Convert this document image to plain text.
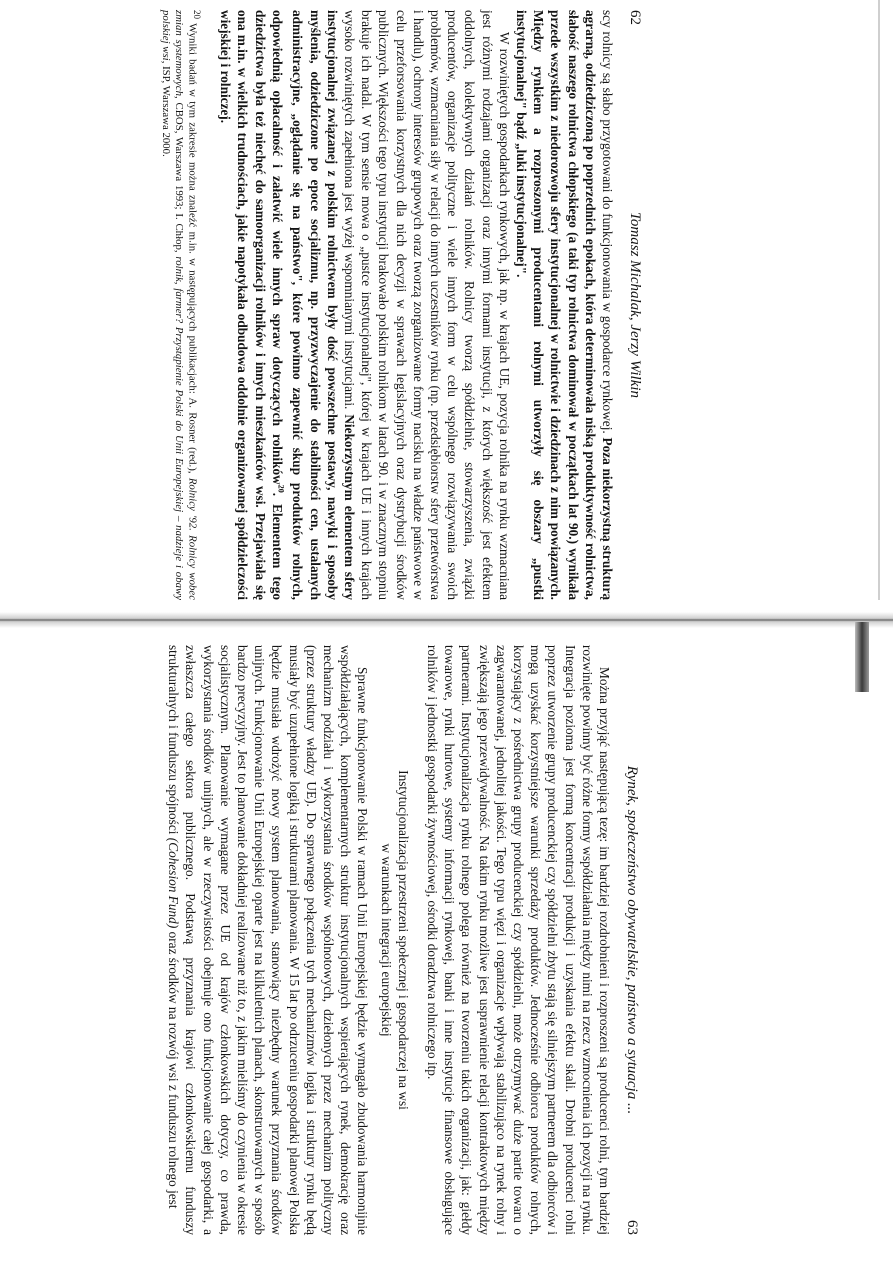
62
Tomasz Michalak, Jerzy Wilkin

scy rolnicy są słabo przygotowani do funkcjonowania w gospodarce rynkowej. Poza niekorzystną strukturą agrarną, odziedziczoną po poprzednich epokach, która determinowała niską produktywność rolnictwa, słabość naszego rolnictwa chłopskiego (a taki typ rolnictwa dominował w początkach lat 90.) wynikała przede wszystkim z niedorozwoju sfery instytucjonalnej w rolnictwie i dziedzinach z nim powiązanych. Między rynkiem a rozproszonymi producentami rolnymi utworzyły się obszary „pustki instytucjonalnej" bądź „luki instytucjonalnej".

W rozwiniętych gospodarkach rynkowych, jak np. w krajach UE, pozycja rolnika na rynku wzmacniana jest różnymi rodzajami organizacji oraz innymi formami instytucji, z których większość jest efektem oddolnych, kolektywnych działań rolników. Rolnicy tworzą spółdzielnie, stowarzyszenia, związki producentów, organizacje polityczne i wiele innych form w celu wspólnego rozwiązywania swoich problemów, wzmacniania siły w relacji do innych uczestników rynku (np. przedsiębiorstw sfery przetwórstwa i handlu), ochrony interesów grupowych oraz tworzą zorganizowane formy nacisku na władze państwowe w celu przeforsowania korzystnych dla nich decyzji w sprawach legislacyjnych oraz dystrybucji środków publicznych. Większości tego typu instytucji brakowało polskim rolnikom w latach 90. i w znacznym stopniu brakuje ich nadal. W tym sensie mowa o „pustce instytucjonalnej", której w krajach UE i innych krajach wysoko rozwiniętych zapełniona jest wyżej wspomnianymi instytucjami. Niekorzystnym elementem sfery instytucjonalnej związanej z polskim rolnictwem były dość powszechne postawy, nawyki i sposoby myślenia, odziedziczone po epoce socjalizmu, np. przyzwyczajenie do stabilności cen, ustalanych administracyjne, „oglądanie się na państwo", które powinno zapewnić skup produktów rolnych, odpowiednią opłacalność i załatwić wiele innych spraw dotyczących rolników$^{20}$. Elementem tego dziedzictwa była też niechęć do samoorganizacji rolników i innych mieszkańców wsi. Przejawiała się ona m.in. w wielkich trudnościach, jakie napotykała odbudowa oddolnie organizowanej spółdzielczości wiejskiej i rolniczej.

$^{20}$ Wyniki badań w tym zakresie można znaleźć m.in. w następujących publikacjach: A. Rosner (red.), Rolnicy '92. Rolnicy wobec zmian systemowych, CBOS, Warszawa 1993; I. Chłop, rolnik, farmer? Przystąpienie Polski do Unii Europejskiej – nadzieje i obawy polskiej wsi, ISP, Warszawa 2000.
Rynek, społeczeństwo obywatelskie, państwo a sytuacja ...
63

Można przyjąć następującą tezę: im bardziej rozdrobnieni i rozproszeni są producenci rolni, tym bardziej rozwinięte powinny być różne formy współdziałania między nimi na rzecz wzmocnienia ich pozycji na rynku. Integracja pozioma jest formą koncentracji produkcji i uzyskania efektu skali. Drobni producenci rolni poprzez utworzenie grupy producenckiej czy spółdzielni zbytu stają się silniejszym partnerem dla odbiorców i mogą uzyskać korzystniejsze warunki sprzedaży produktów. Jednocześnie odbiorca produktów rolnych, korzystający z pośrednictwa grupy producenckiej czy spółdzielni, może otrzymywać duże partie towaru o zagwarantowanej, jednolitej jakości. Tego typu więzi i organizacje wpływają stabilizująco na rynek rolny i zwiększają jego przewidywalność. Na takim rynku możliwe jest usprawnienie relacji kontraktowych między partnerami. Instytucjonalizacja rynku rolnego polega również na tworzeniu takich organizacji, jak: giełdy towarowe, rynki hurtowe, systemy informacji rynkowej, banki i inne instytucje finansowe obsługujące rolników i jednostki gospodarki żywnościowej, ośrodki doradztwa rolniczego itp.

Instytucjonalizacja przestrzeni społecznej i gospodarczej na wsi
w warunkach integracji europejskiej

Sprawne funkcjonowanie Polski w ramach Unii Europejskiej będzie wymagało zbudowania harmonijnie współdziałających, komplementarnych struktur instytucjonalnych wspierających rynek, demokrację oraz mechanizm podziału i wykorzystania środków wspólnotowych, dziełonych przez mechanizm polityczny (przez struktury władzy UE). Do sprawnego połączenia tych mechanizmów logika i struktury rynku będą musiały być uzupełnione logiką i strukturami planowania. W 15 lat po odrzuceniu gospodarki planowej Polska będzie musiała wdrożyć nowy system planowania, stanowiący niezbędny warunek przyznania środków unijnych. Funkcjonowanie Unii Europejskiej oparte jest na kilkuletnich planach, skonstruowanych w sposób bardzo precyzyjny. Jest to planowanie dokładniej realizowane niż to, z jakim mieliśmy do czynienia w okresie socjalistycznym. Planowanie wymagane przez UE od krajów członkowskich dotyczy, co prawda, wykorzystania środków unijnych, ale w rzeczywistości obejmuje ono funkcjonowanie całej gospodarki, a zwłaszcza całego sektora publicznego. Podstawą przyznania krajowi członkowskiemu funduszy strukturalnych i funduszu spójności (Cohesion Fund) oraz środków na rozwój wsi z funduszu rolnego jest
